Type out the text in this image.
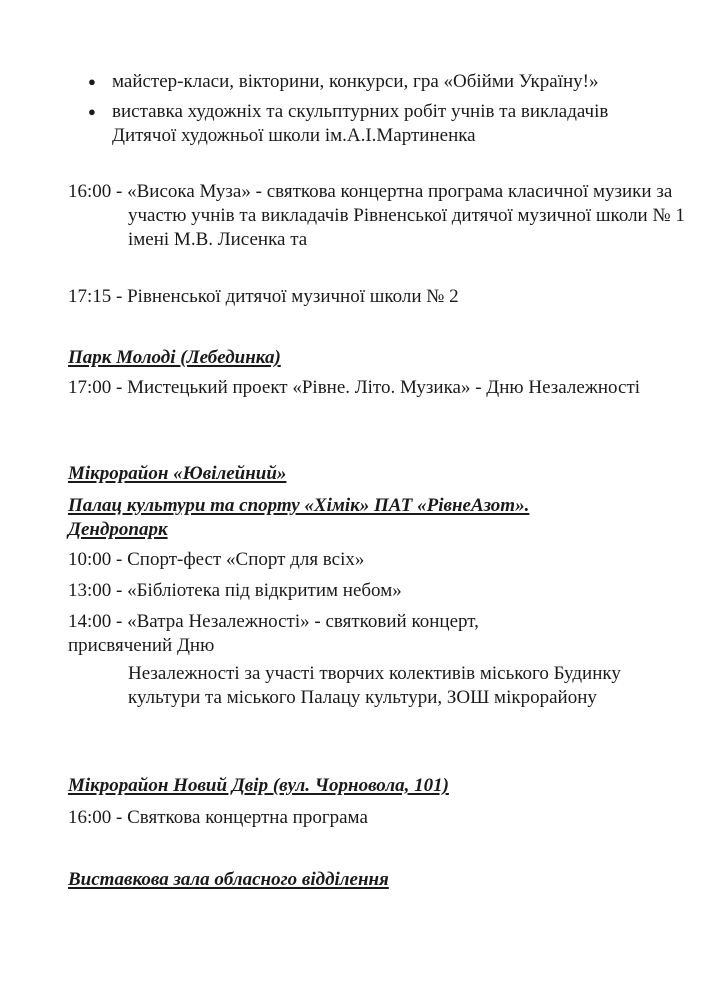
● майстер-класи, вікторини, конкурси, гра «Обійми Україну!»
● виставка художніх та скульптурних робіт учнів та викладачів Дитячої художньої школи ім.А.І.Мартиненка
16:00 - «Висока Муза» - святкова концертна програма класичної музики за участю учнів та викладачів Рівненської дитячої музичної школи № 1 імені М.В. Лисенка та
17:15 - Рівненської дитячої музичної школи № 2
Парк Молоді (Лебединка)
17:00 - Мистецький проект «Рівне. Літо. Музика» - Дню Незалежності
Мікрорайон «Ювілейний»
Палац культури та спорту «Хімік» ПАТ «РівнеАзот». Дендропарк
10:00 - Спорт-фест «Спорт для всіх»
13:00 - «Бібліотека під відкритим небом»
14:00 - «Ватра Незалежності» - святковий концерт, присвячений Дню
Незалежності за участі творчих колективів міського Будинку культури та міського Палацу культури, ЗОШ мікрорайону
Мікрорайон Новий Двір (вул. Чорновола, 101)
16:00 - Святкова концертна програма
Виставкова зала обласного відділення
